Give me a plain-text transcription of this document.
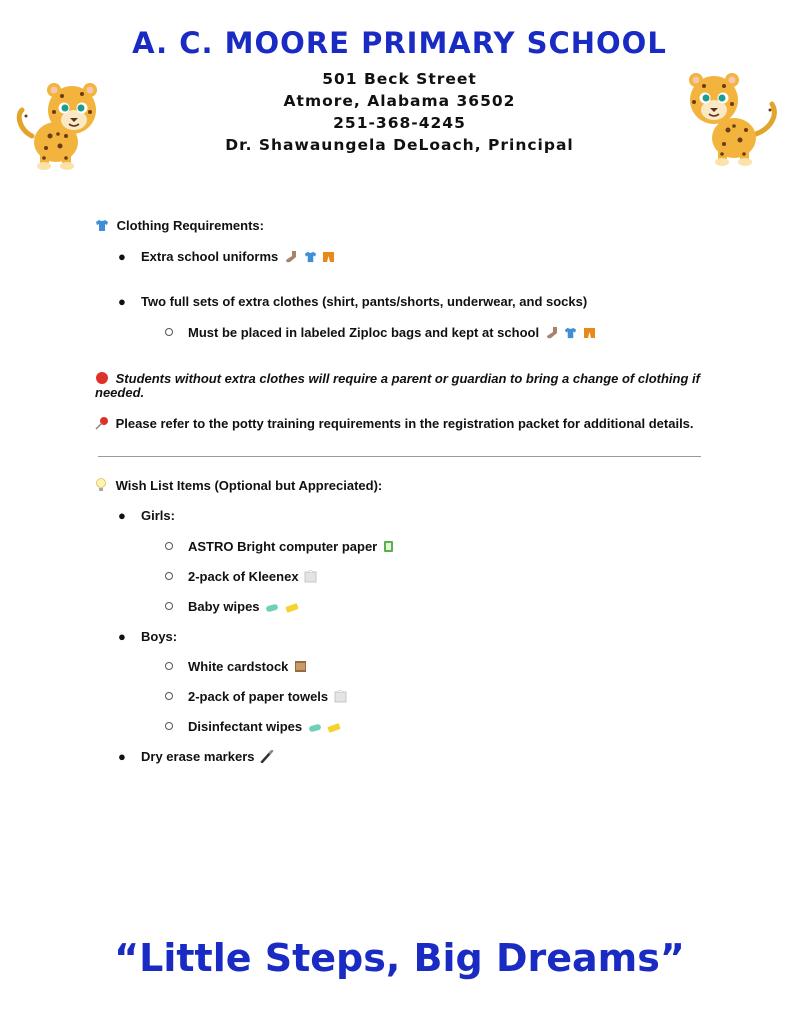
A. C. MOORE PRIMARY SCHOOL
501 Beck Street
Atmore, Alabama 36502
251-368-4245
Dr. Shawaungela DeLoach, Principal
Clothing Requirements:
● Extra school uniforms
● Two full sets of extra clothes (shirt, pants/shorts, underwear, and socks)
Must be placed in labeled Ziploc bags and kept at school
Students without extra clothes will require a parent or guardian to bring a change of clothing if
needed.
Please refer to the potty training requirements in the registration packet for additional details.
Wish List Items (Optional but Appreciated):
● Girls:
ASTRO Bright computer paper
2-pack of Kleenex
Baby wipes
● Boys:
White cardstock
2-pack of paper towels
Disinfectant wipes
● Dry erase markers
“Little Steps, Big Dreams”
